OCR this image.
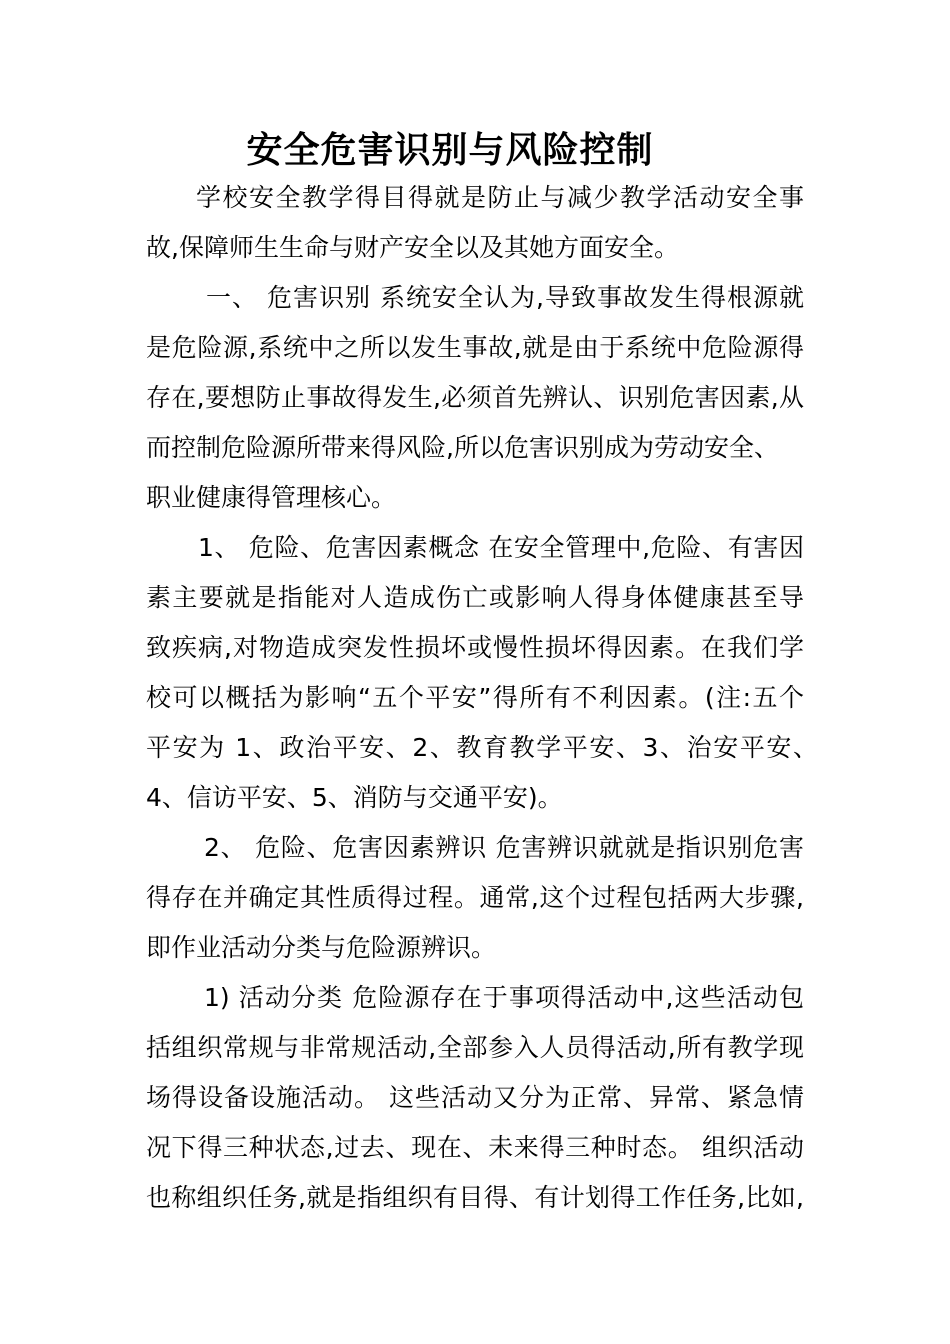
安全危害识别与风险控制
学校安全教学得目得就是防止与减少教学活动安全事
故,保障师生生命与财产安全以及其她方面安全。
一、 危害识别 系统安全认为,导致事故发生得根源就
是危险源,系统中之所以发生事故,就是由于系统中危险源得
存在,要想防止事故得发生,必须首先辨认、识别危害因素,从
而控制危险源所带来得风险,所以危害识别成为劳动安全、
职业健康得管理核心。
1、 危险、危害因素概念 在安全管理中,危险、有害因
素主要就是指能对人造成伤亡或影响人得身体健康甚至导
致疾病,对物造成突发性损坏或慢性损坏得因素。在我们学
校可以概括为影响“五个平安”得所有不利因素。(注:五个
平安为 1、政治平安、2、教育教学平安、3、治安平安、
4、信访平安、5、消防与交通平安)。
2、 危险、危害因素辨识 危害辨识就就是指识别危害
得存在并确定其性质得过程。通常,这个过程包括两大步骤,
即作业活动分类与危险源辨识。
1) 活动分类 危险源存在于事项得活动中,这些活动包
括组织常规与非常规活动,全部参入人员得活动,所有教学现
场得设备设施活动。 这些活动又分为正常、异常、紧急情
况下得三种状态,过去、现在、未来得三种时态。 组织活动
也称组织任务,就是指组织有目得、有计划得工作任务,比如,
